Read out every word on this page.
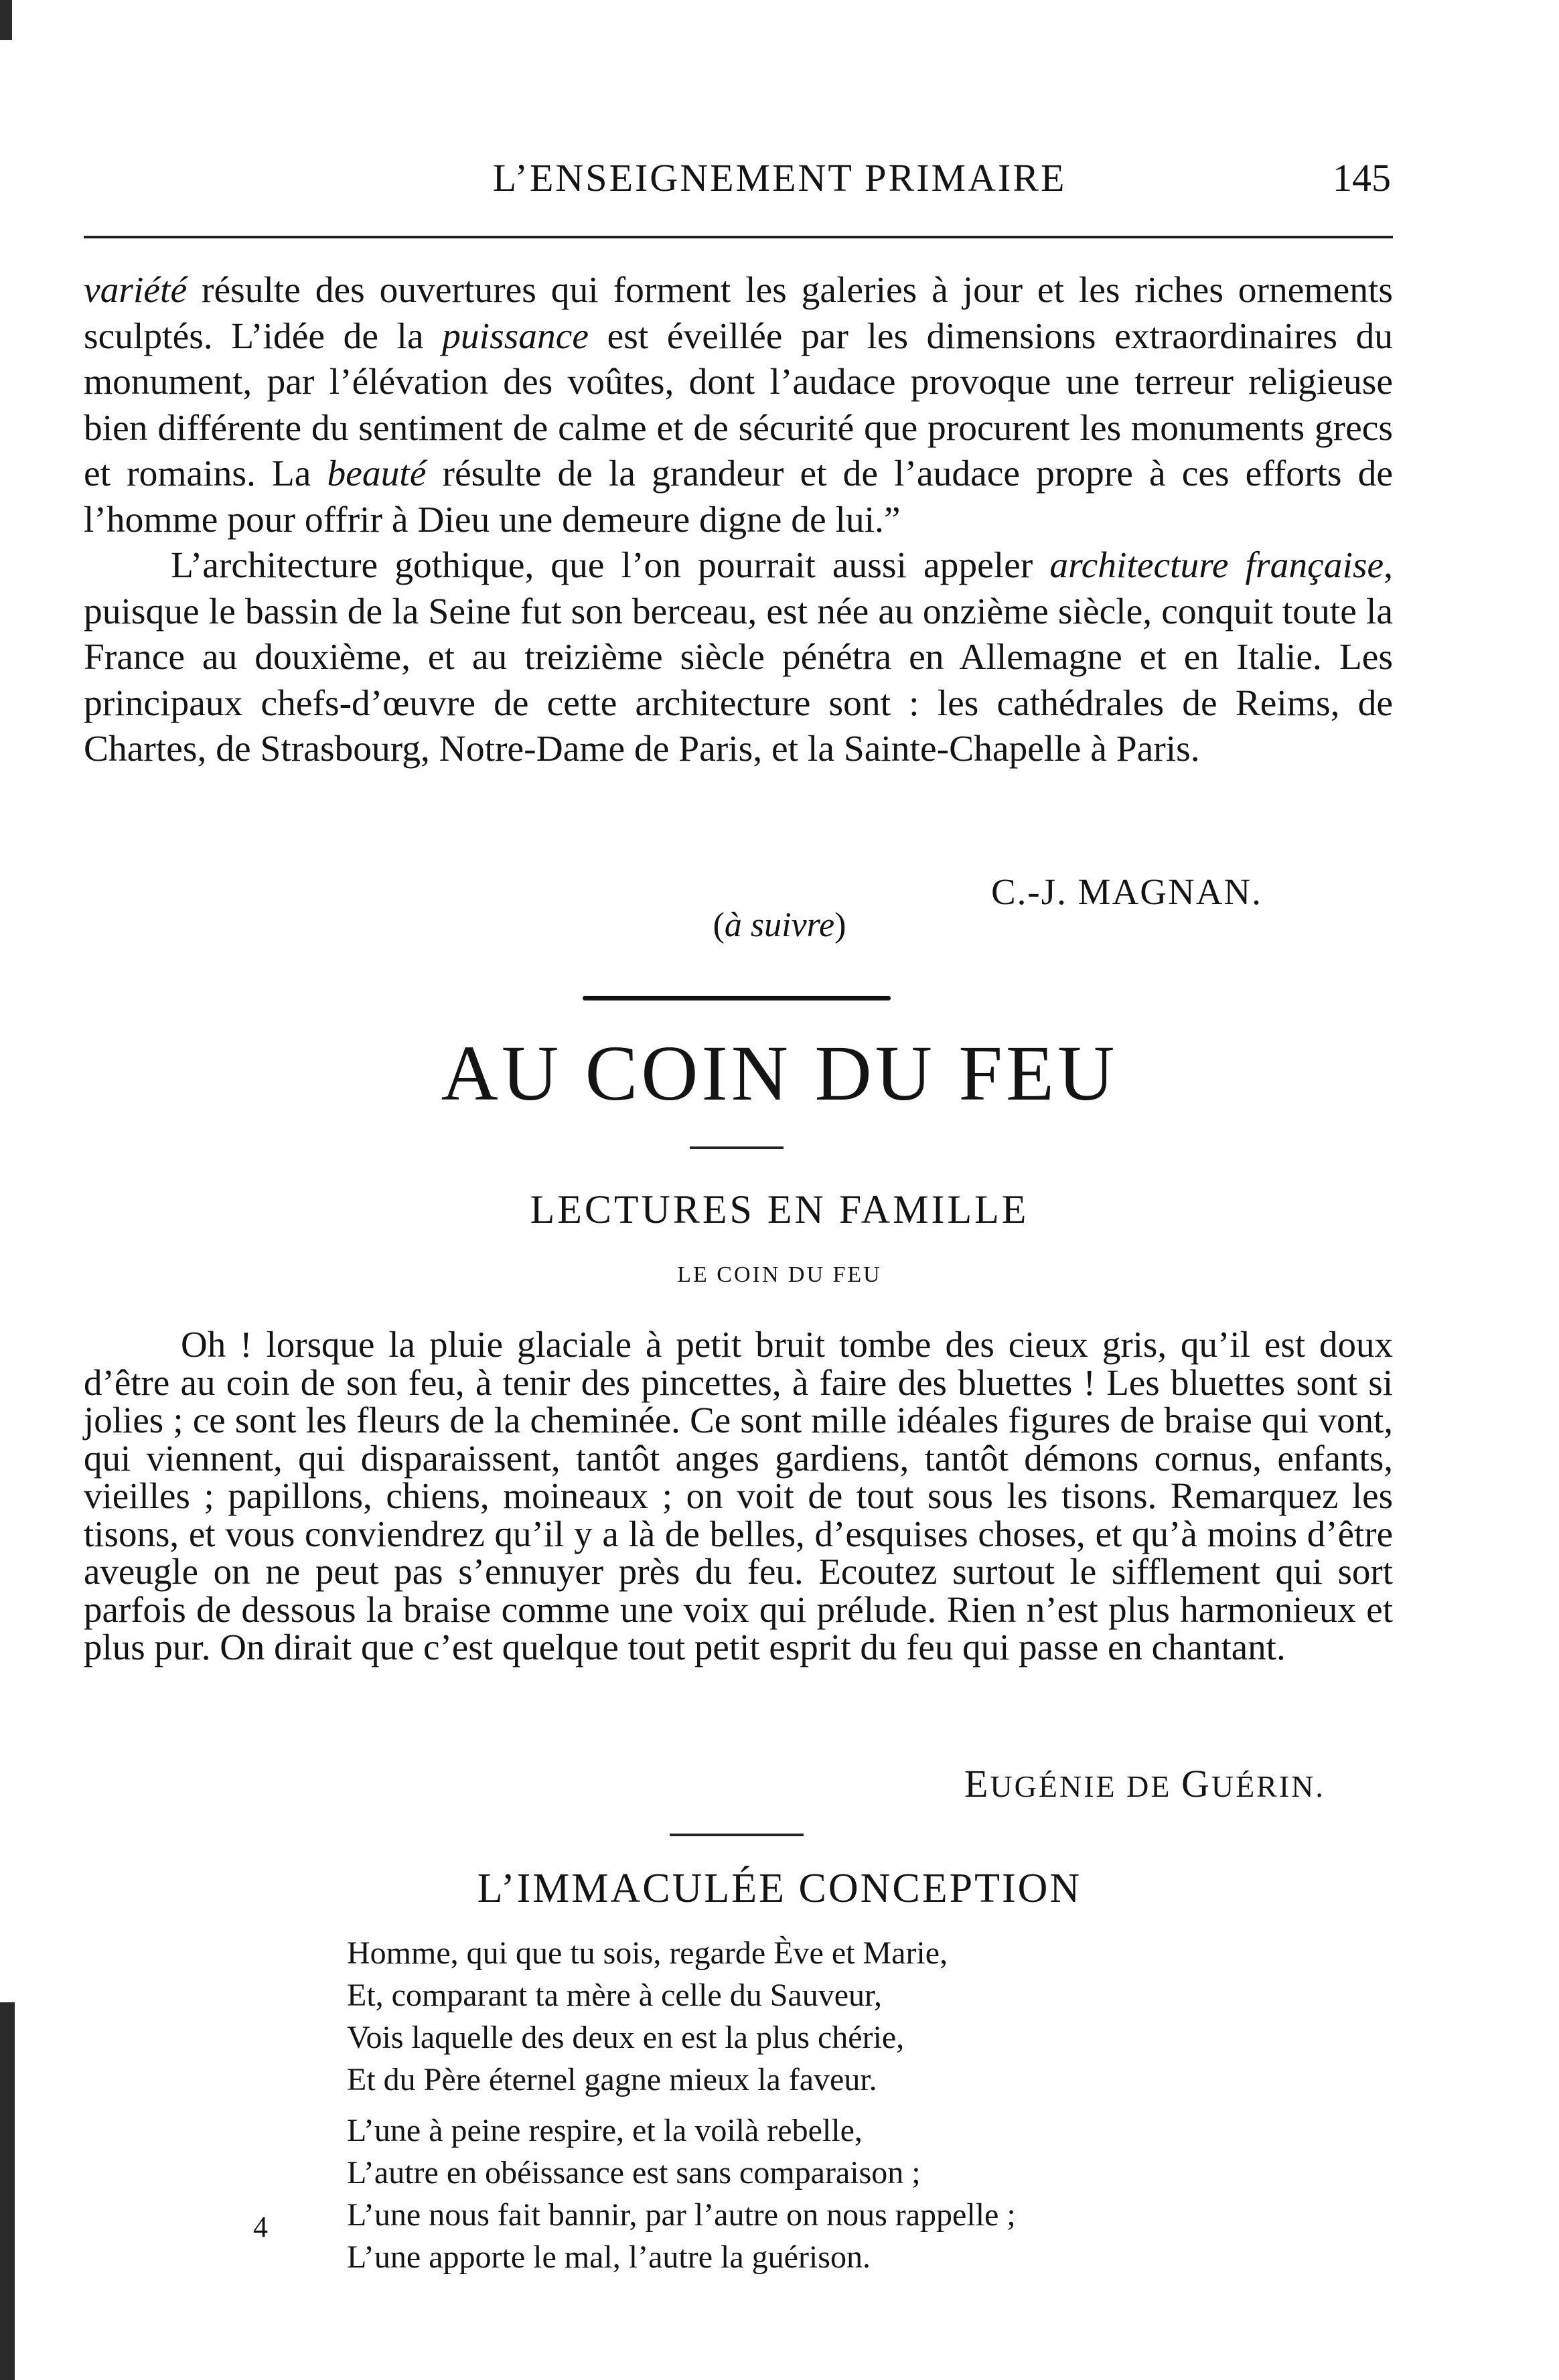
L’ENSEIGNEMENT PRIMAIRE	145

variété résulte des ouvertures qui forment les galeries à jour et les riches ornements sculptés. L’idée de la puissance est éveillée par les dimensions extraordinaires du monument, par l’élévation des voûtes, dont l’audace provoque une terreur religieuse bien différente du sentiment de calme et de sécurité que procurent les monuments grecs et romains. La beauté résulte de la grandeur et de l’audace propre à ces efforts de l’homme pour offrir à Dieu une demeure digne de lui.”

L’architecture gothique, que l’on pourrait aussi appeler architecture française, puisque le bassin de la Seine fut son berceau, est née au onzième siècle, conquit toute la France au douxième, et au treizième siècle pénétra en Allemagne et en Italie. Les principaux chefs-d’œuvre de cette architecture sont : les cathédrales de Reims, de Chartes, de Strasbourg, Notre-Dame de Paris, et la Sainte-Chapelle à Paris.

C.-J. MAGNAN.
(à suivre)
AU COIN DU FEU
LECTURES EN FAMILLE
LE COIN DU FEU

Oh ! lorsque la pluie glaciale à petit bruit tombe des cieux gris, qu’il est doux d’être au coin de son feu, à tenir des pincettes, à faire des bluettes ! Les bluettes sont si jolies ; ce sont les fleurs de la cheminée. Ce sont mille idéales figures de braise qui vont, qui viennent, qui disparaissent, tantôt anges gardiens, tantôt démons cornus, enfants, vieilles ; papillons, chiens, moineaux ; on voit de tout sous les tisons. Remarquez les tisons, et vous conviendrez qu’il y a là de belles, d’esquises choses, et qu’à moins d’être aveugle on ne peut pas s’ennuyer près du feu. Ecoutez surtout le sifflement qui sort parfois de dessous la braise comme une voix qui prélude. Rien n’est plus harmonieux et plus pur. On dirait que c’est quelque tout petit esprit du feu qui passe en chantant.

EUGÉNIE DE GUÉRIN.
L’IMMACULÉE CONCEPTION
Homme, qui que tu sois, regarde Ève et Marie,
Et, comparant ta mère à celle du Sauveur,
Vois laquelle des deux en est la plus chérie,
Et du Père éternel gagne mieux la faveur.
L’une à peine respire, et la voilà rebelle,
L’autre en obéissance est sans comparaison ;
L’une nous fait bannir, par l’autre on nous rappelle ;
L’une apporte le mal, l’autre la guérison.
4
